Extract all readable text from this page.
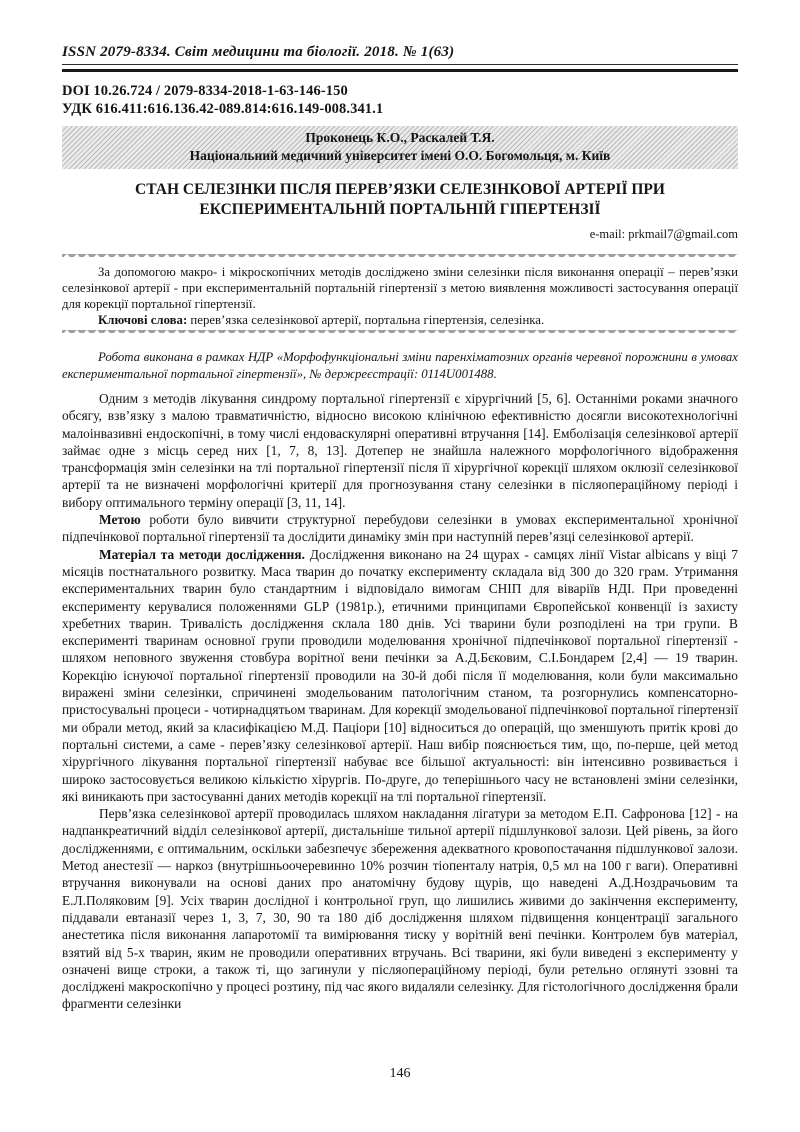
ISSN 2079-8334. Світ медицини та біології. 2018. № 1(63)
DOI 10.26.724 / 2079-8334-2018-1-63-146-150
УДК 616.411:616.136.42-089.814:616.149-008.341.1
Проконець К.О., Раскалей Т.Я.
Національний медичний університет імені О.О. Богомольця, м. Київ
СТАН СЕЛЕЗІНКИ ПІСЛЯ ПЕРЕВ’ЯЗКИ СЕЛЕЗІНКОВОЇ АРТЕРІЇ ПРИ
ЕКСПЕРИМЕНТАЛЬНІЙ ПОРТАЛЬНІЙ ГІПЕРТЕНЗІЇ
e-mail: prkmail7@gmail.com

За допомогою макро- і мікроскопічних методів досліджено зміни селезінки після виконання операції – перев’язки селезінкової артерії - при експериментальній портальній гіпертензії з метою виявлення можливості застосування операції для корекції портальної гіпертензії.

Ключові слова: перев’язка селезінкової артерії, портальна гіпертензія, селезінка.

Робота виконана в рамках НДР «Морфофункціональні зміни паренхіматозних органів черевної порожнини в умовах експериментальної портальної гіпертензії», № держреєстрації: 0114U001488.

Одним з методів лікування синдрому портальної гіпертензії є хірургічний [5, 6]. Останніми роками значного обсягу, взв’язку з малою травматичністю, відносно високою клінічною ефективністю досягли високотехнологічні малоінвазивні ендоскопічні, в тому числі ендоваскулярні оперативні втручання [14]. Емболізація селезінкової артерії займає одне з місць серед них [1, 7, 8, 13]. Дотепер не знайшла належного морфологічного відображення трансформація змін селезінки на тлі портальної гіпертензії після її хірургічної корекції шляхом оклюзії селезінкової артерії та не визначені морфологічні критерії для прогнозування стану селезінки в післяопераційному періоді і вибору оптимального терміну операції [3, 11, 14].

Метою роботи було вивчити структурної перебудови селезінки в умовах експериментальної хронічної підпечінкової портальної гіпертензії та дослідити динаміку змін при наступній перев’язці селезінкової артерії.

Матеріал та методи дослідження. Дослідження виконано на 24 щурах - самцях лінії Vistar albicans у віці 7 місяців постнатального розвитку. Маса тварин до початку експерименту складала від 300 до 320 грам. Утримання експериментальних тварин було стандартним і відповідало вимогам СНІП для віваріїв НДІ. При проведенні експерименту керувалися положеннями GLP (1981р.), етичними принципами Європейської конвенції із захисту хребетних тварин. Тривалість дослідження склала 180 днів. Усі тварини були розподілені на три групи. В експерименті тваринам основної групи проводили моделювання хронічної підпечінкової портальної гіпертензії - шляхом неповного звуження стовбура ворітної вени печінки за А.Д.Бєковим, С.І.Бондарем [2,4] — 19 тварин. Корекцію існуючої портальної гіпертензії проводили на 30-й добі після її моделювання, коли були максимально виражені зміни селезінки, спричинені змодельованим патологічним станом, та розгорнулись компенсаторно-пристосувальні процеси - чотирнадцятьом тваринам. Для корекції змодельованої підпечінкової портальної гіпертензії ми обрали метод, який за класифікацією М.Д. Паціори [10] відноситься до операцій, що зменшують притік крові до портальні системи, а саме - перев’язку селезінкової артерії. Наш вибір пояснюється тим, що, по-перше, цей метод хірургічного лікування портальної гіпертензії набуває все більшої актуальності: він інтенсивно розвивається і широко застосовується великою кількістю хірургів. По-друге, до теперішнього часу не встановлені зміни селезінки, які виникають при застосуванні даних методів корекції на тлі портальної гіпертензії.

Перв’язка селезінкової артерії проводилась шляхом накладання лігатури за методом Е.П. Сафронова [12] - на надпанкреатичний відділ селезінкової артерії, дистальніше тильної артерії підшлункової залози. Цей рівень, за його дослідженнями, є оптимальним, оскільки забезпечує збереження адекватного кровопостачання підшлункової залози. Метод анестезії — наркоз (внутрішньоочеревинно 10% розчин тіопенталу натрія, 0,5 мл на 100 г ваги). Оперативні втручання виконували на основі даних про анатомічну будову щурів, що наведені А.Д.Ноздрачьовим та Е.Л.Поляковим [9]. Усіх тварин дослідної і контрольної груп, що лишились живими до закінчення експерименту, піддавали евтаназії через 1, 3, 7, 30, 90 та 180 діб дослідження шляхом підвищення концентрації загального анестетика після виконання лапаротомії та вимірювання тиску у ворітній вені печінки. Контролем був матеріал, взятий від 5-х тварин, яким не проводили оперативних втручань. Всі тварини, які були виведені з експерименту у означені вище строки, а також ті, що загинули у післяопераційному періоді, були ретельно оглянуті ззовні та досліджені макроскопічно у процесі розтину, під час якого видаляли селезінку. Для гістологічного дослідження брали фрагменти селезінки

146
